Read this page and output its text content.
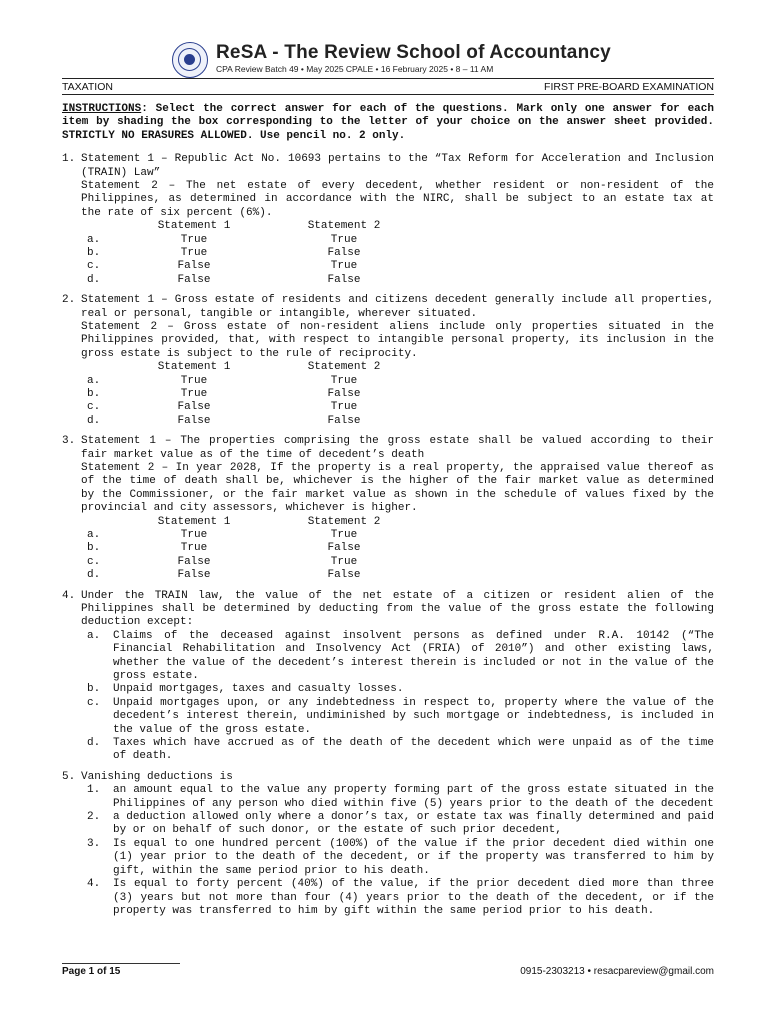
ReSA - The Review School of Accountancy
CPA Review Batch 49 • May 2025 CPALE • 16 February 2025 • 8 – 11 AM
TAXATION	FIRST PRE-BOARD EXAMINATION
INSTRUCTIONS: Select the correct answer for each of the questions. Mark only one answer for each item by shading the box corresponding to the letter of your choice on the answer sheet provided. STRICTLY NO ERASURES ALLOWED. Use pencil no. 2 only.
1. Statement 1 – Republic Act No. 10693 pertains to the “Tax Reform for Acceleration and Inclusion (TRAIN) Law”
Statement 2 – The net estate of every decedent, whether resident or non-resident of the Philippines, as determined in accordance with the NIRC, shall be subject to an estate tax at the rate of six percent (6%).
Statement 1	Statement 2
a.	True	True
b.	True	False
c.	False	True
d.	False	False
2. Statement 1 – Gross estate of residents and citizens decedent generally include all properties, real or personal, tangible or intangible, wherever situated.
Statement 2 – Gross estate of non-resident aliens include only properties situated in the Philippines provided, that, with respect to intangible personal property, its inclusion in the gross estate is subject to the rule of reciprocity.
Statement 1	Statement 2
a.	True	True
b.	True	False
c.	False	True
d.	False	False
3. Statement 1 – The properties comprising the gross estate shall be valued according to their fair market value as of the time of decedent’s death
Statement 2 – In year 2028, If the property is a real property, the appraised value thereof as of the time of death shall be, whichever is the higher of the fair market value as determined by the Commissioner, or the fair market value as shown in the schedule of values fixed by the provincial and city assessors, whichever is higher.
Statement 1	Statement 2
a.	True	True
b.	True	False
c.	False	True
d.	False	False
4. Under the TRAIN law, the value of the net estate of a citizen or resident alien of the Philippines shall be determined by deducting from the value of the gross estate the following deduction except:
a.	Claims of the deceased against insolvent persons as defined under R.A. 10142 (“The Financial Rehabilitation and Insolvency Act (FRIA) of 2010”) and other existing laws, whether the value of the decedent’s interest therein is included or not in the value of the gross estate.
b.	Unpaid mortgages, taxes and casualty losses.
c.	Unpaid mortgages upon, or any indebtedness in respect to, property where the value of the decedent’s interest therein, undiminished by such mortgage or indebtedness, is included in the value of the gross estate.
d.	Taxes which have accrued as of the death of the decedent which were unpaid as of the time of death.
5. Vanishing deductions is
1.	an amount equal to the value any property forming part of the gross estate situated in the Philippines of any person who died within five (5) years prior to the death of the decedent
2.	a deduction allowed only where a donor’s tax, or estate tax was finally determined and paid by or on behalf of such donor, or the estate of such prior decedent,
3.	Is equal to one hundred percent (100%) of the value if the prior decedent died within one (1) year prior to the death of the decedent, or if the property was transferred to him by gift, within the same period prior to his death.
4.	Is equal to forty percent (40%) of the value, if the prior decedent died more than three (3) years but not more than four (4) years prior to the death of the decedent, or if the property was transferred to him by gift within the same period prior to his death.
Page 1 of 15	0915-2303213 • resacpareview@gmail.com
